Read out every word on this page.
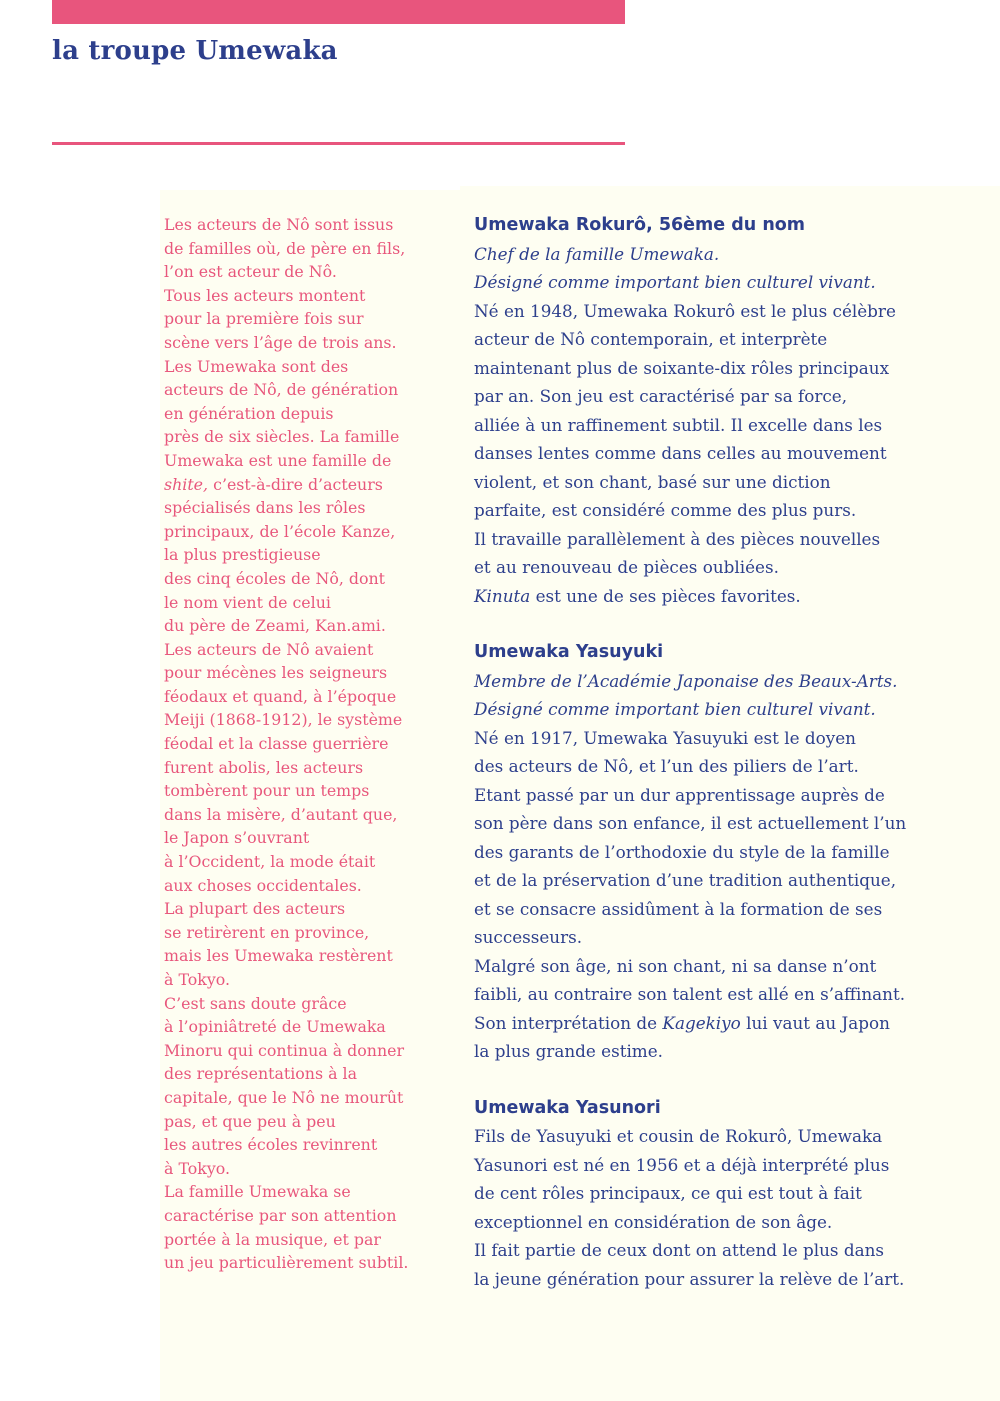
la troupe Umewaka
Les acteurs de Nô sont issus
de familles où, de père en fils,
l’on est acteur de Nô.
Tous les acteurs montent
pour la première fois sur
scène vers l’âge de trois ans.
Les Umewaka sont des
acteurs de Nô, de génération
en génération depuis
près de six siècles. La famille
Umewaka est une famille de
shite, c’est-à-dire d’acteurs
spécialisés dans les rôles
principaux, de l’école Kanze,
la plus prestigieuse
des cinq écoles de Nô, dont
le nom vient de celui
du père de Zeami, Kan.ami.
Les acteurs de Nô avaient
pour mécènes les seigneurs
féodaux et quand, à l’époque
Meiji (1868-1912), le système
féodal et la classe guerrière
furent abolis, les acteurs
tombèrent pour un temps
dans la misère, d’autant que,
le Japon s’ouvrant
à l’Occident, la mode était
aux choses occidentales.
La plupart des acteurs
se retirèrent en province,
mais les Umewaka restèrent
à Tokyo.
C’est sans doute grâce
à l’opiniâtreté de Umewaka
Minoru qui continua à donner
des représentations à la
capitale, que le Nô ne mourût
pas, et que peu à peu
les autres écoles revinrent
à Tokyo.
La famille Umewaka se
caractérise par son attention
portée à la musique, et par
un jeu particulièrement subtil.
Umewaka Rokurô, 56ème du nom
Chef de la famille Umewaka.
Désigné comme important bien culturel vivant.
Né en 1948, Umewaka Rokurô est le plus célèbre
acteur de Nô contemporain, et interprète
maintenant plus de soixante-dix rôles principaux
par an. Son jeu est caractérisé par sa force,
alliée à un raffinement subtil. Il excelle dans les
danses lentes comme dans celles au mouvement
violent, et son chant, basé sur une diction
parfaite, est considéré comme des plus purs.
Il travaille parallèlement à des pièces nouvelles
et au renouveau de pièces oubliées.
Kinuta est une de ses pièces favorites.
Umewaka Yasuyuki
Membre de l’Académie Japonaise des Beaux-Arts.
Désigné comme important bien culturel vivant.
Né en 1917, Umewaka Yasuyuki est le doyen
des acteurs de Nô, et l’un des piliers de l’art.
Etant passé par un dur apprentissage auprès de
son père dans son enfance, il est actuellement l’un
des garants de l’orthodoxie du style de la famille
et de la préservation d’une tradition authentique,
et se consacre assidûment à la formation de ses
successeurs.
Malgré son âge, ni son chant, ni sa danse n’ont
faibli, au contraire son talent est allé en s’affinant.
Son interprétation de Kagekiyo lui vaut au Japon
la plus grande estime.
Umewaka Yasunori
Fils de Yasuyuki et cousin de Rokurô, Umewaka
Yasunori est né en 1956 et a déjà interprété plus
de cent rôles principaux, ce qui est tout à fait
exceptionnel en considération de son âge.
Il fait partie de ceux dont on attend le plus dans
la jeune génération pour assurer la relève de l’art.
